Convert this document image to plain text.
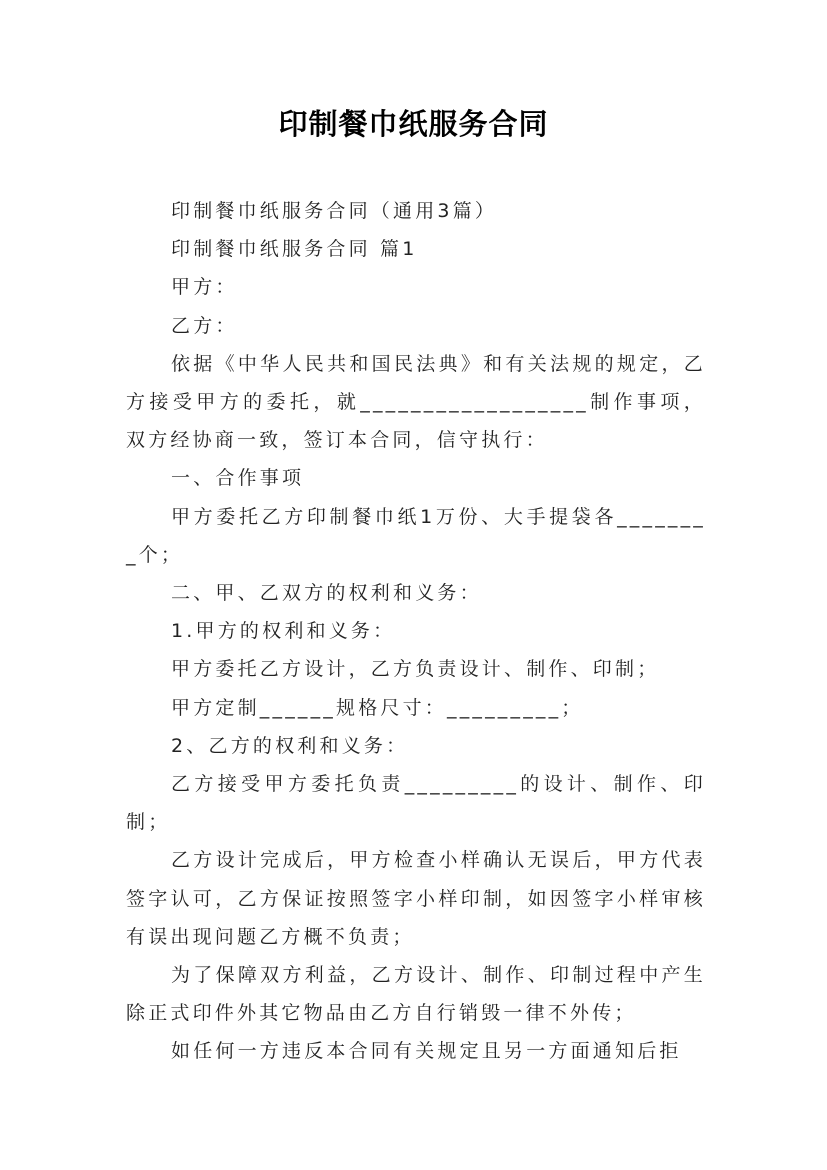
印制餐巾纸服务合同

印制餐巾纸服务合同（通用3篇）

印制餐巾纸服务合同 篇1

甲方：

乙方：

依据《中华人民共和国民法典》和有关法规的规定，乙方接受甲方的委托，就__________________制作事项，双方经协商一致，签订本合同，信守执行：

一、合作事项

甲方委托乙方印制餐巾纸1万份、大手提袋各________个；

二、甲、乙双方的权利和义务：

1.甲方的权利和义务：

甲方委托乙方设计，乙方负责设计、制作、印制；

甲方定制______规格尺寸：_________；

2、乙方的权利和义务：

乙方接受甲方委托负责_________的设计、制作、印制；

乙方设计完成后，甲方检查小样确认无误后，甲方代表签字认可，乙方保证按照签字小样印制，如因签字小样审核有误出现问题乙方概不负责；

为了保障双方利益，乙方设计、制作、印制过程中产生除正式印件外其它物品由乙方自行销毁一律不外传；

如任何一方违反本合同有关规定且另一方面通知后拒
